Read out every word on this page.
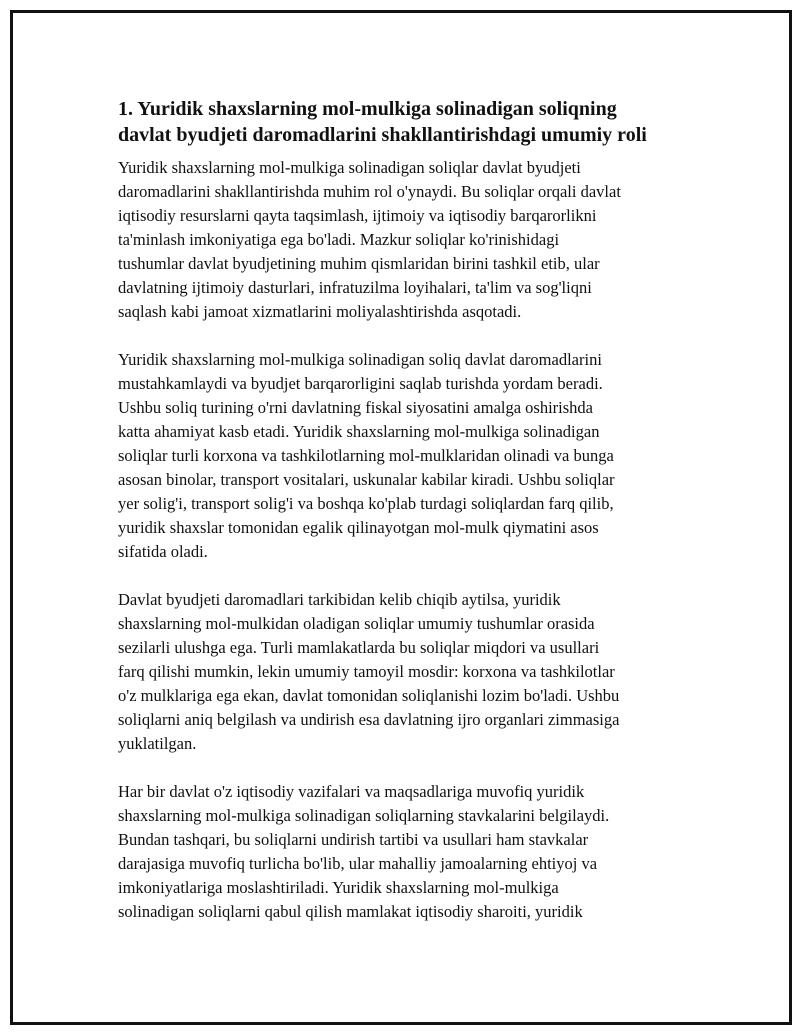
1. Yuridik shaxslarning mol-mulkiga solinadigan soliqning
davlat byudjeti daromadlarini shakllantirishdagi umumiy roli

Yuridik shaxslarning mol-mulkiga solinadigan soliqlar davlat byudjeti
daromadlarini shakllantirishda muhim rol o'ynaydi. Bu soliqlar orqali davlat
iqtisodiy resurslarni qayta taqsimlash, ijtimoiy va iqtisodiy barqarorlikni
ta'minlash imkoniyatiga ega bo'ladi. Mazkur soliqlar ko'rinishidagi
tushumlar davlat byudjetining muhim qismlaridan birini tashkil etib, ular
davlatning ijtimoiy dasturlari, infratuzilma loyihalari, ta'lim va sog'liqni
saqlash kabi jamoat xizmatlarini moliyalashtirishda asqotadi.

Yuridik shaxslarning mol-mulkiga solinadigan soliq davlat daromadlarini
mustahkamlaydi va byudjet barqarorligini saqlab turishda yordam beradi.
Ushbu soliq turining o'rni davlatning fiskal siyosatini amalga oshirishda
katta ahamiyat kasb etadi. Yuridik shaxslarning mol-mulkiga solinadigan
soliqlar turli korxona va tashkilotlarning mol-mulklaridan olinadi va bunga
asosan binolar, transport vositalari, uskunalar kabilar kiradi. Ushbu soliqlar
yer solig'i, transport solig'i va boshqa ko'plab turdagi soliqlardan farq qilib,
yuridik shaxslar tomonidan egalik qilinayotgan mol-mulk qiymatini asos
sifatida oladi.

Davlat byudjeti daromadlari tarkibidan kelib chiqib aytilsa, yuridik
shaxslarning mol-mulkidan oladigan soliqlar umumiy tushumlar orasida
sezilarli ulushga ega. Turli mamlakatlarda bu soliqlar miqdori va usullari
farq qilishi mumkin, lekin umumiy tamoyil mosdir: korxona va tashkilotlar
o'z mulklariga ega ekan, davlat tomonidan soliqlanishi lozim bo'ladi. Ushbu
soliqlarni aniq belgilash va undirish esa davlatning ijro organlari zimmasiga
yuklatilgan.

Har bir davlat o'z iqtisodiy vazifalari va maqsadlariga muvofiq yuridik
shaxslarning mol-mulkiga solinadigan soliqlarning stavkalarini belgilaydi.
Bundan tashqari, bu soliqlarni undirish tartibi va usullari ham stavkalar
darajasiga muvofiq turlicha bo'lib, ular mahalliy jamoalarning ehtiyoj va
imkoniyatlariga moslashtiriladi. Yuridik shaxslarning mol-mulkiga
solinadigan soliqlarni qabul qilish mamlakat iqtisodiy sharoiti, yuridik
